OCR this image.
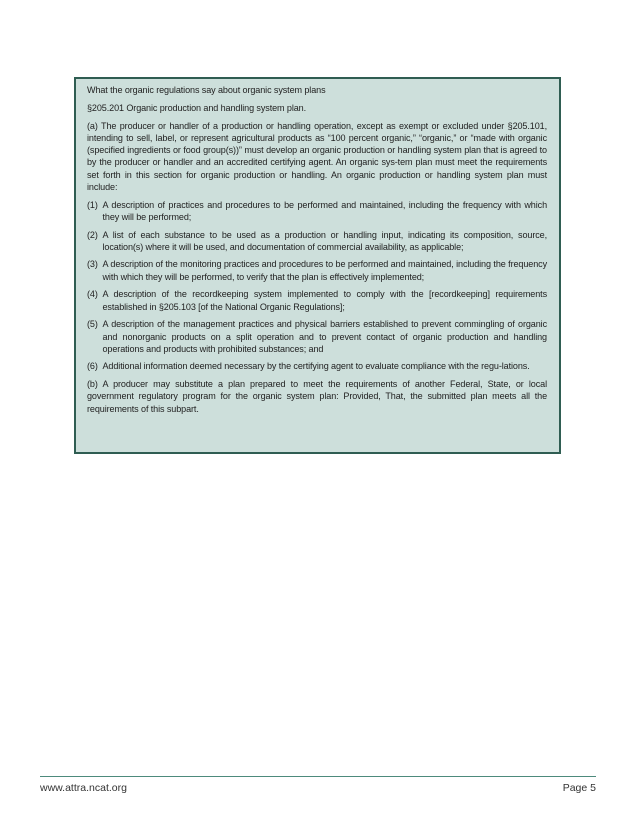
What the organic regulations say about organic system plans

§205.201 Organic production and handling system plan.

(a) The producer or handler of a production or handling operation, except as exempt or excluded under §205.101, intending to sell, label, or represent agricultural products as “100 percent organic,” “organic,” or “made with organic (specified ingredients or food group(s))” must develop an organic production or handling system plan that is agreed to by the producer or handler and an accredited certifying agent. An organic sys-tem plan must meet the requirements set forth in this section for organic production or handling. An organic production or handling system plan must include:

(1) A description of practices and procedures to be performed and maintained, including the frequency with which they will be performed;
(2) A list of each substance to be used as a production or handling input, indicating its composition, source, location(s) where it will be used, and documentation of commercial availability, as applicable;
(3) A description of the monitoring practices and procedures to be performed and maintained, including the frequency with which they will be performed, to verify that the plan is effectively implemented;
(4) A description of the recordkeeping system implemented to comply with the [recordkeeping] requirements established in §205.103 [of the National Organic Regulations];
(5) A description of the management practices and physical barriers established to prevent commingling of organic and nonorganic products on a split operation and to prevent contact of organic production and handling operations and products with prohibited substances; and
(6) Additional information deemed necessary by the certifying agent to evaluate compliance with the regu-lations.

(b) A producer may substitute a plan prepared to meet the requirements of another Federal, State, or local government regulatory program for the organic system plan: Provided, That, the submitted plan meets all the requirements of this subpart.

www.attra.ncat.org	Page 5
